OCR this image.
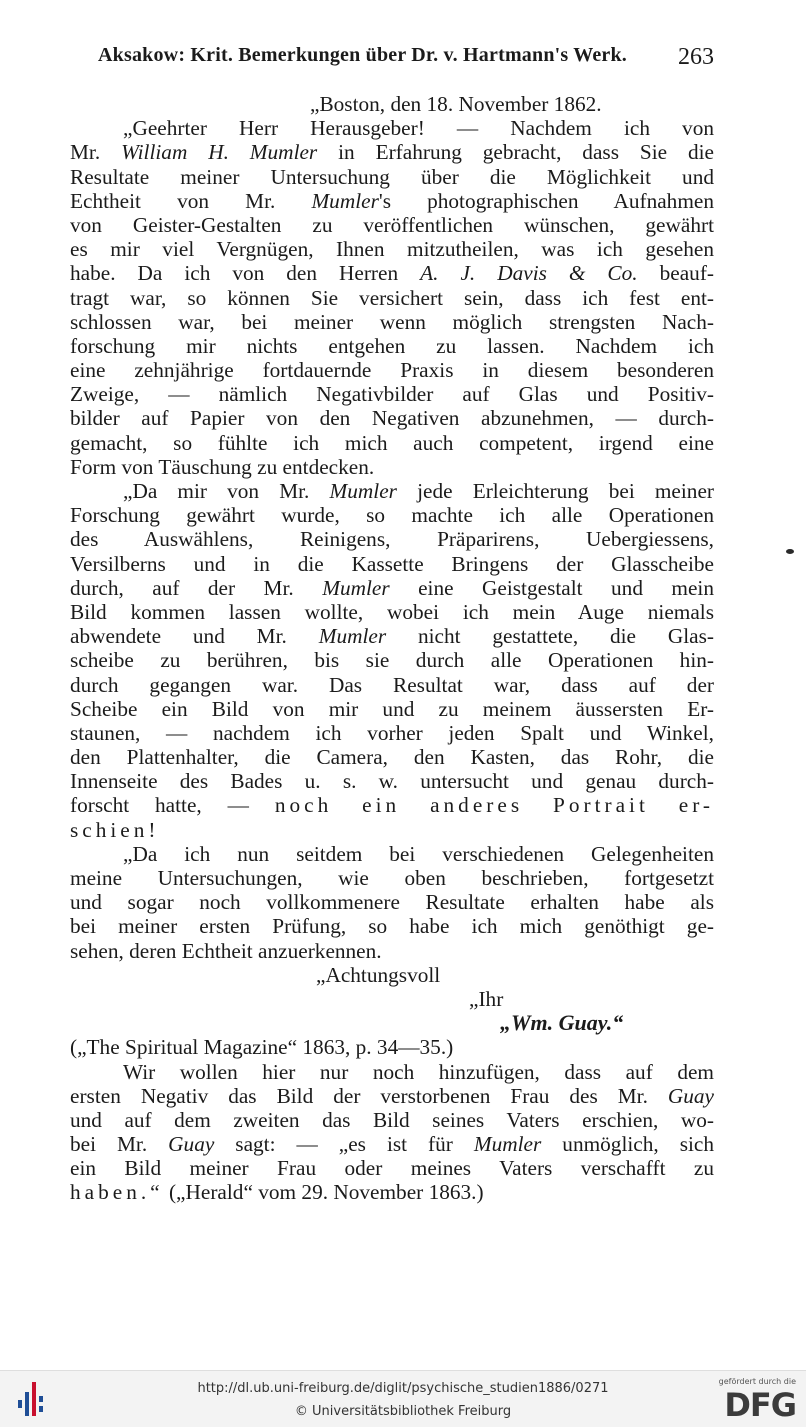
Aksakow: Krit. Bemerkungen über Dr. v. Hartmann's Werk. 263
„Boston, den 18. November 1862.
„Geehrter Herr Herausgeber! — Nachdem ich von
Mr. William H. Mumler in Erfahrung gebracht, dass Sie die
Resultate meiner Untersuchung über die Möglichkeit und
Echtheit von Mr. Mumler's photographischen Aufnahmen
von Geister-Gestalten zu veröffentlichen wünschen, gewährt
es mir viel Vergnügen, Ihnen mitzutheilen, was ich gesehen
habe. Da ich von den Herren A. J. Davis & Co. beauf-
tragt war, so können Sie versichert sein, dass ich fest ent-
schlossen war, bei meiner wenn möglich strengsten Nach-
forschung mir nichts entgehen zu lassen. Nachdem ich
eine zehnjährige fortdauernde Praxis in diesem besonderen
Zweige, — nämlich Negativbilder auf Glas und Positiv-
bilder auf Papier von den Negativen abzunehmen, — durch-
gemacht, so fühlte ich mich auch competent, irgend eine
Form von Täuschung zu entdecken.
„Da mir von Mr. Mumler jede Erleichterung bei meiner
Forschung gewährt wurde, so machte ich alle Operationen
des Auswählens, Reinigens, Präparirens, Uebergiessens,
Versilberns und in die Kassette Bringens der Glasscheibe
durch, auf der Mr. Mumler eine Geistgestalt und mein
Bild kommen lassen wollte, wobei ich mein Auge niemals
abwendete und Mr. Mumler nicht gestattete, die Glas-
scheibe zu berühren, bis sie durch alle Operationen hin-
durch gegangen war. Das Resultat war, dass auf der
Scheibe ein Bild von mir und zu meinem äussersten Er-
staunen, — nachdem ich vorher jeden Spalt und Winkel,
den Plattenhalter, die Camera, den Kasten, das Rohr, die
Innenseite des Bades u. s. w. untersucht und genau durch-
forscht hatte, — noch ein anderes Portrait er-
schien!
„Da ich nun seitdem bei verschiedenen Gelegenheiten
meine Untersuchungen, wie oben beschrieben, fortgesetzt
und sogar noch vollkommenere Resultate erhalten habe als
bei meiner ersten Prüfung, so habe ich mich genöthigt ge-
sehen, deren Echtheit anzuerkennen.
„Achtungsvoll
„Ihr
„Wm. Guay.“
(„The Spiritual Magazine“ 1863, p. 34—35.)
Wir wollen hier nur noch hinzufügen, dass auf dem
ersten Negativ das Bild der verstorbenen Frau des Mr. Guay
und auf dem zweiten das Bild seines Vaters erschien, wo-
bei Mr. Guay sagt: — „es ist für Mumler unmöglich, sich
ein Bild meiner Frau oder meines Vaters verschafft zu
haben.“ („Herald“ vom 29. November 1863.)
http://dl.ub.uni-freiburg.de/diglit/psychische_studien1886/0271
© Universitätsbibliothek Freiburg
gefördert durch die
DFG
